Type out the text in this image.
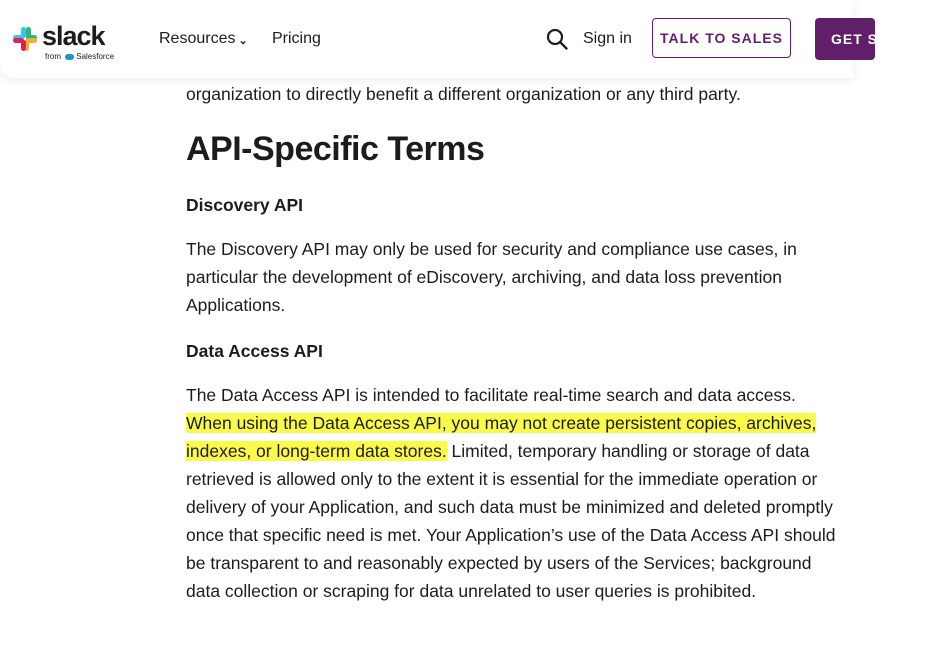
slack
from Salesforce
Resources ⌄ Pricing	Sign in	TALK TO SALES	GET STARTED
organization to directly benefit a different organization or any third party.
API-Specific Terms
Discovery API

The Discovery API may only be used for security and compliance use cases, in particular the development of eDiscovery, archiving, and data loss prevention Applications.

Data Access API

The Data Access API is intended to facilitate real-time search and data access. When using the Data Access API, you may not create persistent copies, archives, indexes, or long-term data stores. Limited, temporary handling or storage of data retrieved is allowed only to the extent it is essential for the immediate operation or delivery of your Application, and such data must be minimized and deleted promptly once that specific need is met. Your Application’s use of the Data Access API should be transparent to and reasonably expected by users of the Services; background data collection or scraping for data unrelated to user queries is prohibited.
